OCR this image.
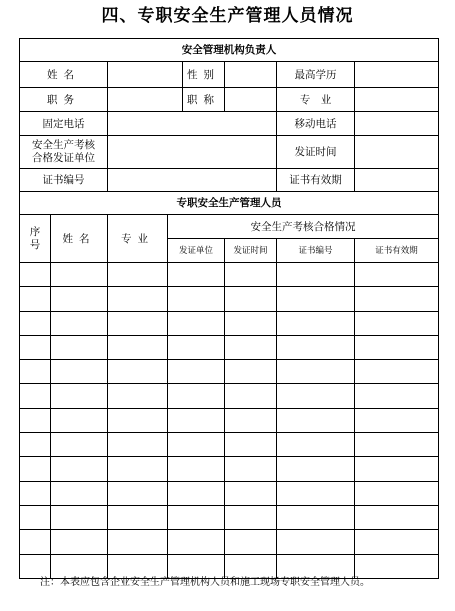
四、专职安全生产管理人员情况
安全管理机构负责人							
姓名				性别		最高学历	
职务				职称		专　业	
固定电话						移动电话	
安全生产考核合格发证单位						发证时间	
证书编号						证书有效期	
专职安全生产管理人员							
序号	姓名	专业	安全生产考核合格情况				
			发证单位		发证时间	证书编号	证书有效期

注：本表应包含企业安全生产管理机构人员和施工现场专职安全管理人员。
